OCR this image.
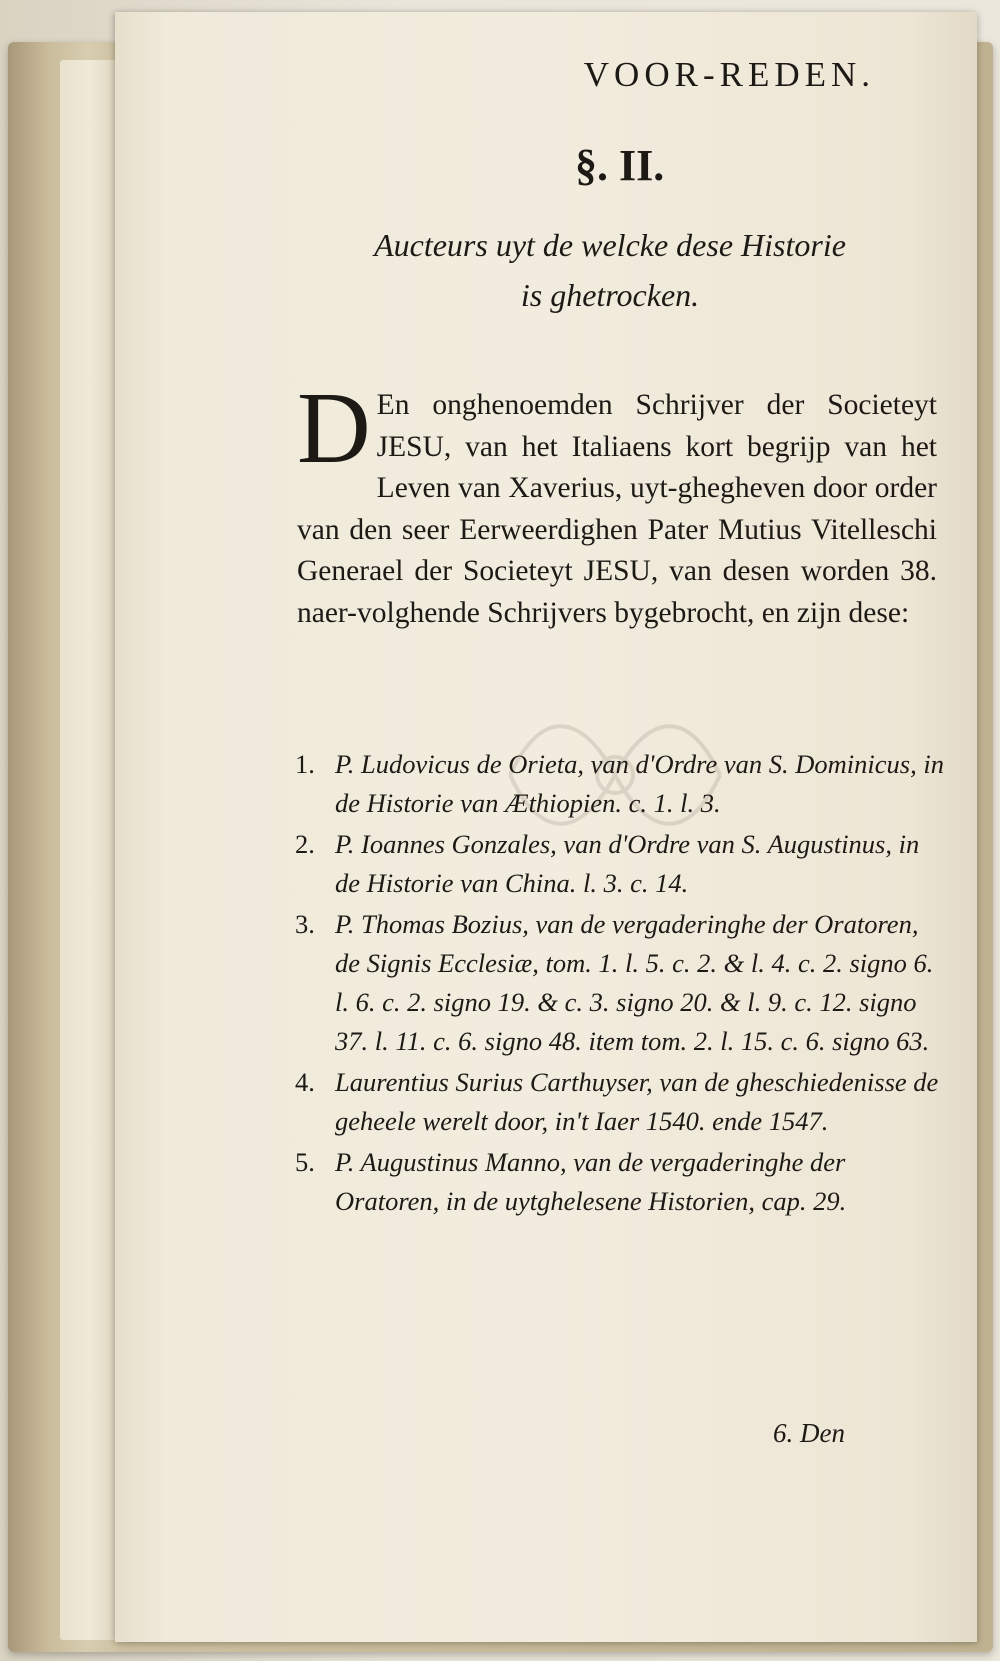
VOOR-REDEN.
§. II.
Aucteurs uyt de welcke dese Historie
is ghetrocken.
D En onghenoemden Schrijver der Societeyt JESU, van het Italiaens kort begrijp van het Leven van Xaverius, uyt-ghegheven door order van den seer Eerweerdighen Pater Mutius Vitelleschi Generael der Societeyt JESU, van desen worden 38. naer-volghende Schrijvers bygebrocht, en zijn dese:
1. P. Ludovicus de Orieta, van d'Ordre van S. Dominicus, in de Historie van Æthiopien. c. 1. l. 3.
2. P. Ioannes Gonzales, van d'Ordre van S. Augustinus, in de Historie van China. l. 3. c. 14.
3. P. Thomas Bozius, van de vergaderinghe der Oratoren, de Signis Ecclesiæ, tom. 1. l. 5. c. 2. & l. 4. c. 2. signo 6. l. 6. c. 2. signo 19. & c. 3. signo 20. & l. 9. c. 12. signo 37. l. 11. c. 6. signo 48. item tom. 2. l. 15. c. 6. signo 63.
4. Laurentius Surius Carthuyser, van de gheschiedenisse de geheele werelt door, in't Iaer 1540. ende 1547.
5. P. Augustinus Manno, van de vergaderinghe der Oratoren, in de uytghelesene Historien, cap. 29.
6. Den
